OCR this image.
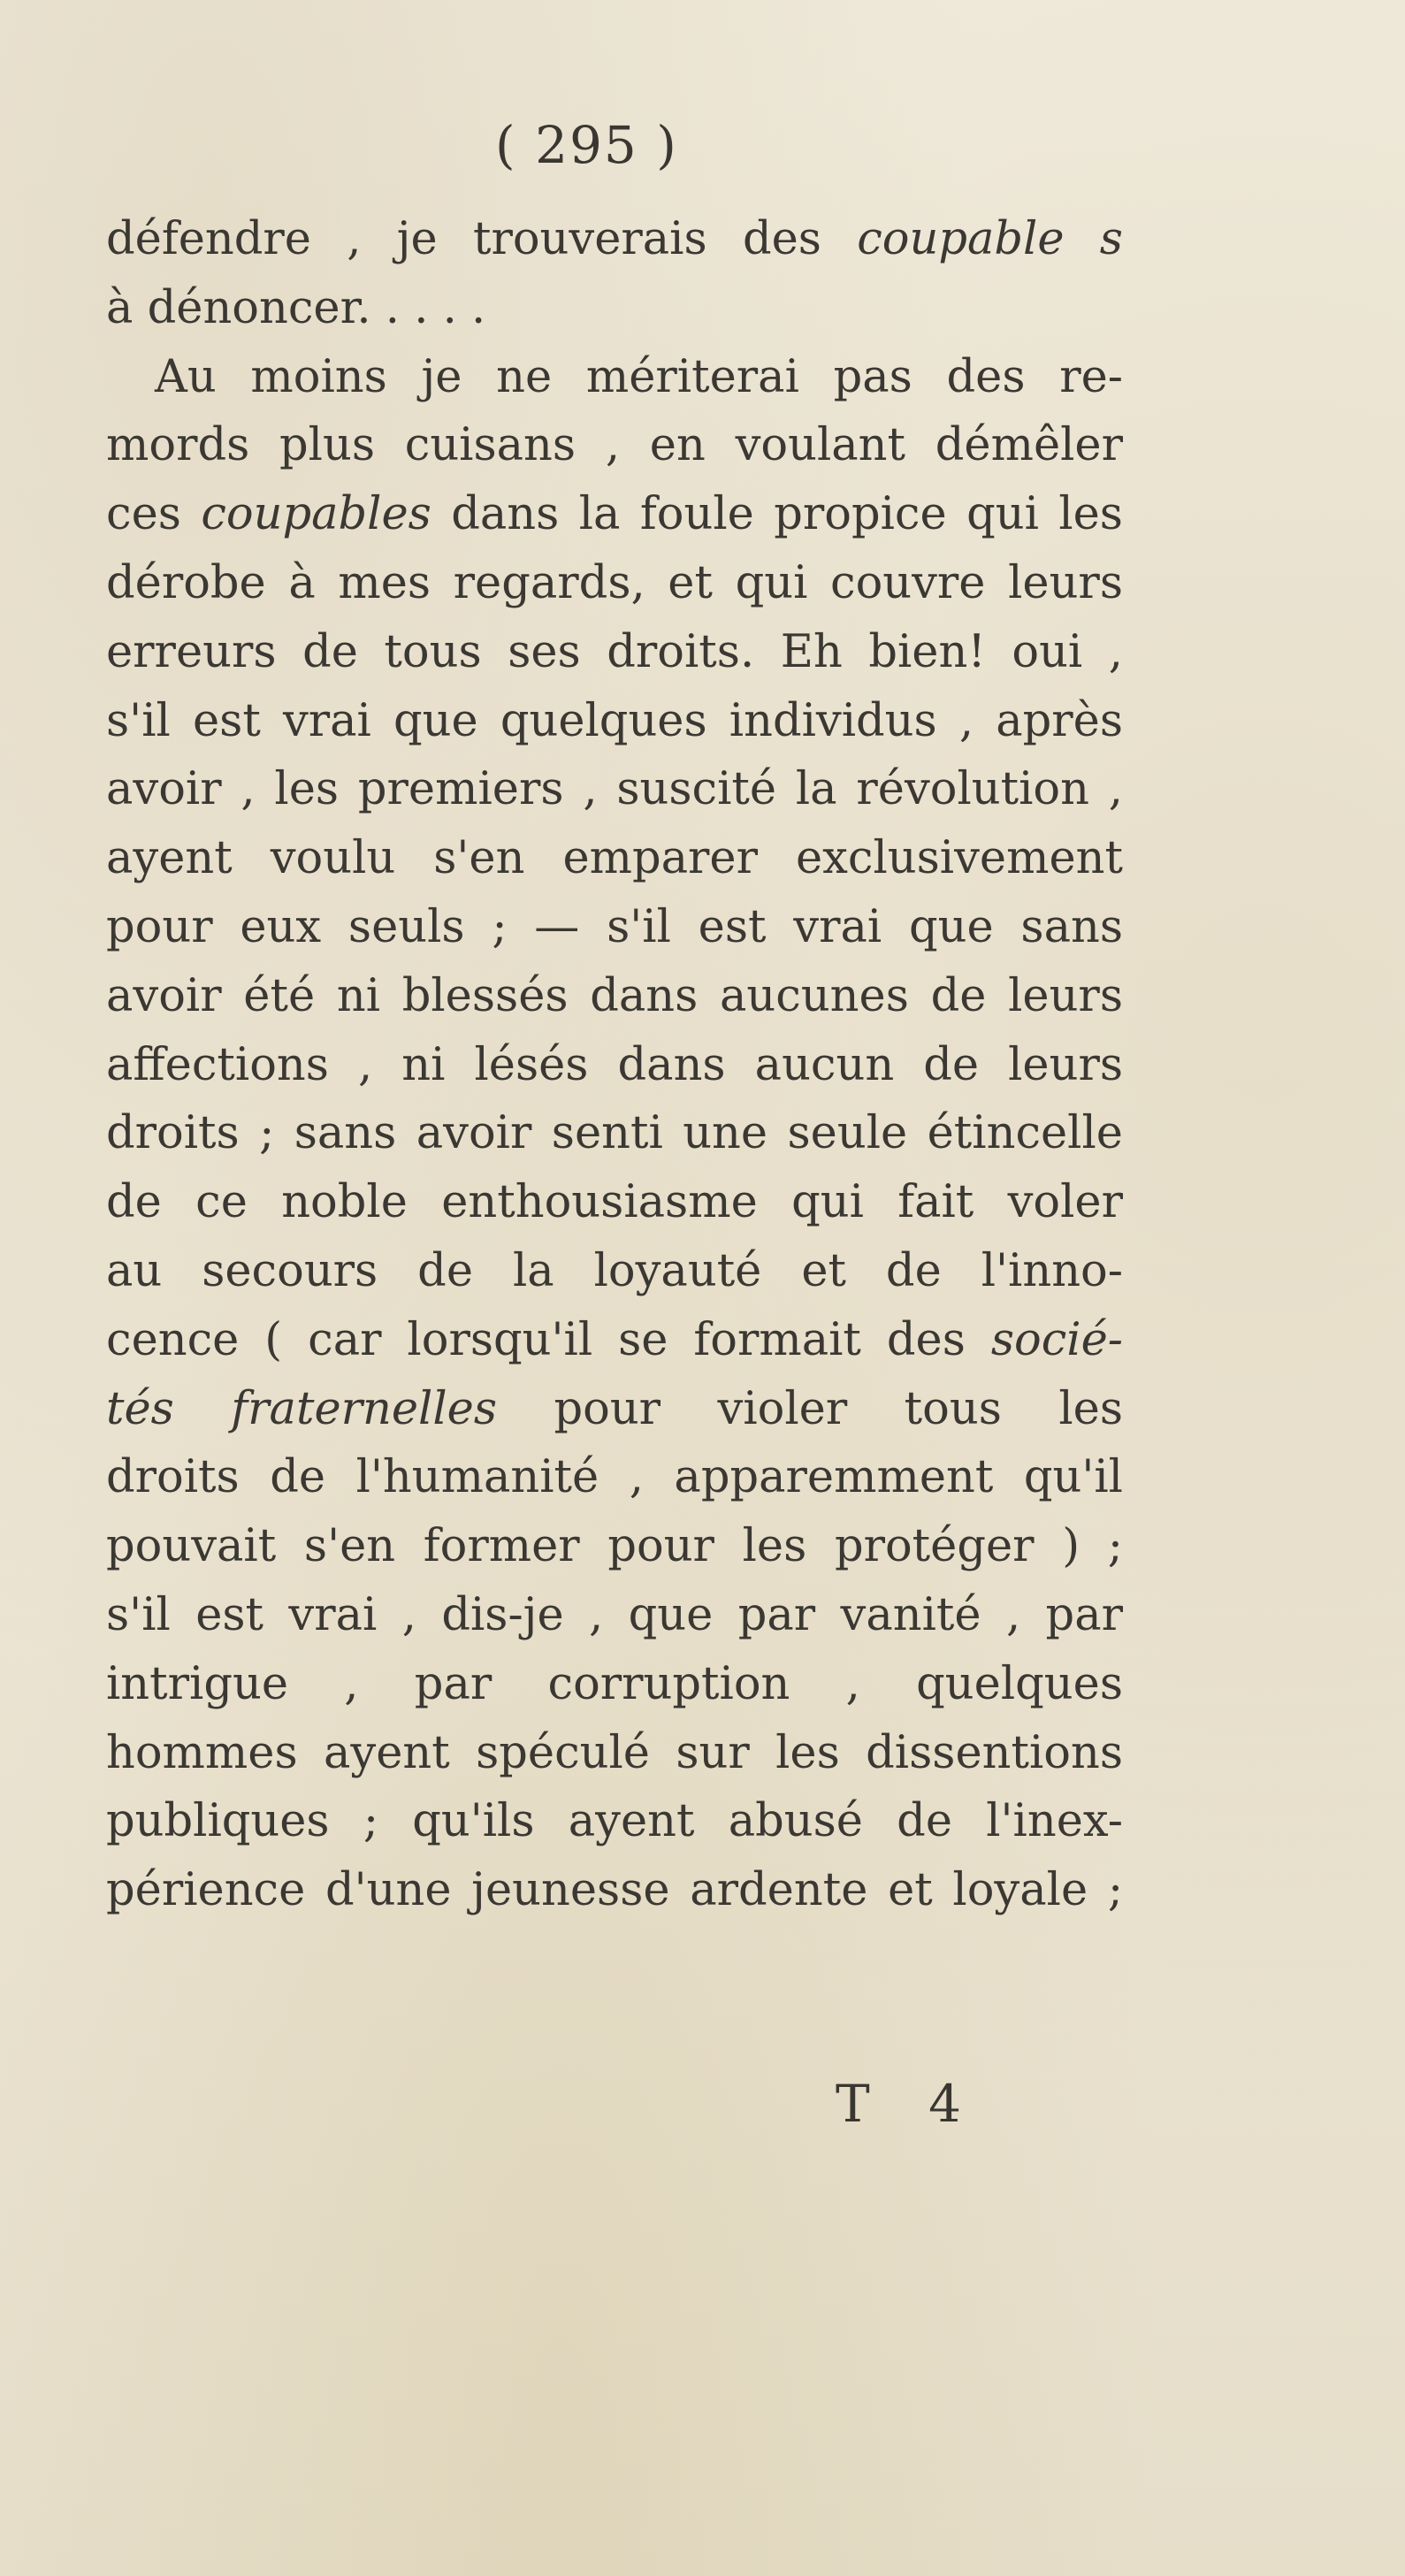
( 295 )
défendre , je trouverais des coupable s
à dénoncer. . . . .
Au moins je ne mériterai pas des re-
mords plus cuisans , en voulant démêler
ces coupables dans la foule propice qui les
dérobe à mes regards, et qui couvre leurs
erreurs de tous ses droits. Eh bien! oui ,
s'il est vrai que quelques individus , après
avoir , les premiers , suscité la révolution ,
ayent voulu s'en emparer exclusivement
pour eux seuls ; — s'il est vrai que sans
avoir été ni blessés dans aucunes de leurs
affections , ni lésés dans aucun de leurs
droits ; sans avoir senti une seule étincelle
de ce noble enthousiasme qui fait voler
au secours de la loyauté et de l'inno-
cence ( car lorsqu'il se formait des socié-
tés fraternelles pour violer tous les
droits de l'humanité , apparemment qu'il
pouvait s'en former pour les protéger ) ;
s'il est vrai , dis-je , que par vanité , par
intrigue , par corruption , quelques
hommes ayent spéculé sur les dissentions
publiques ; qu'ils ayent abusé de l'inex-
périence d'une jeunesse ardente et loyale ;
T 4
